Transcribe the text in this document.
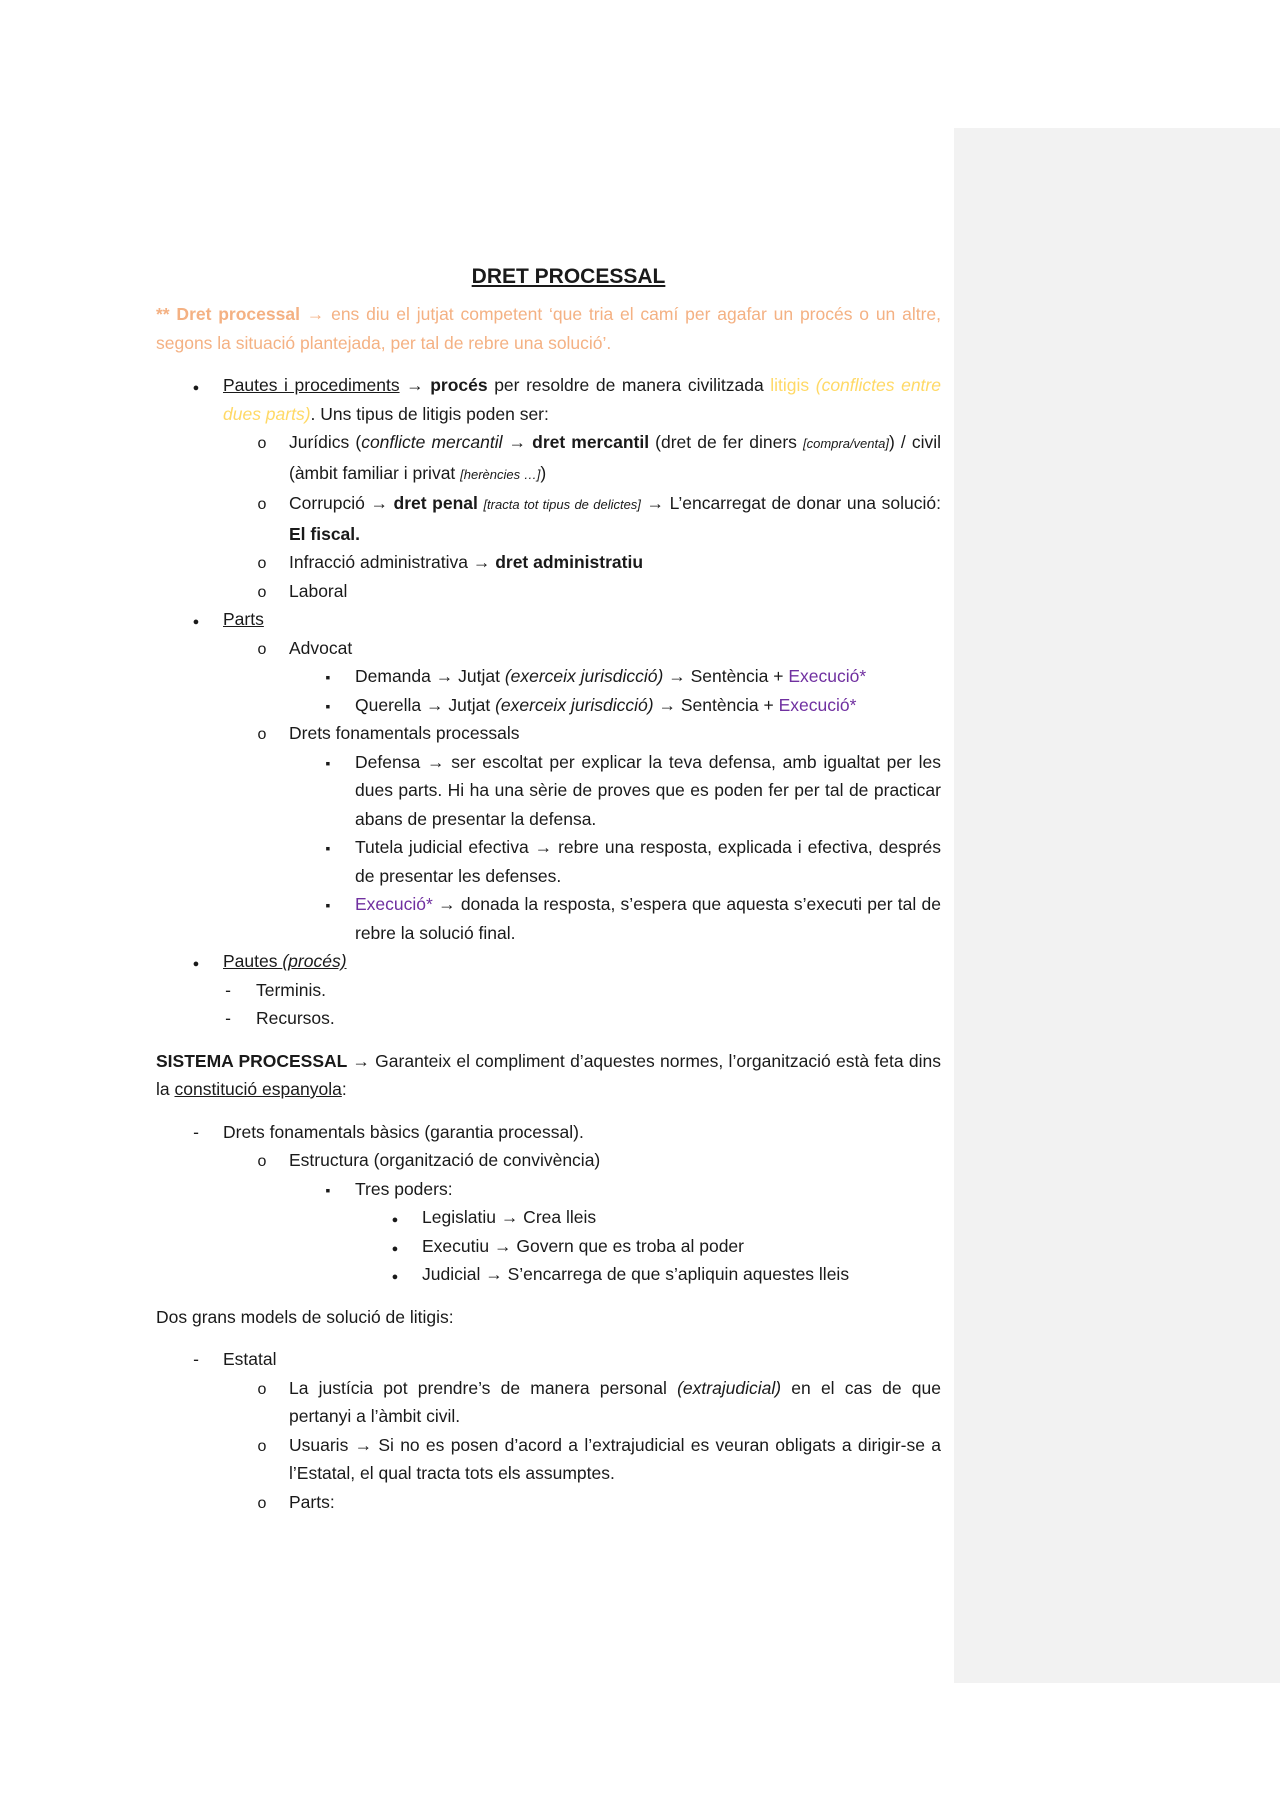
DRET PROCESSAL

** Dret processal → ens diu el jutjat competent ‘que tria el camí per agafar un procés o un altre, segons la situació plantejada, per tal de rebre una solució’.

●
Pautes i procediments → procés per resoldre de manera civilitzada litigis (conflictes entre dues parts). Uns tipus de litigis poden ser:
o
Jurídics (conflicte mercantil → dret mercantil (dret de fer diners [compra/venta]) / civil (àmbit familiar i privat [herències …])
o
Corrupció → dret penal [tracta tot tipus de delictes] → L’encarregat de donar una solució: El fiscal.
o
Infracció administrativa → dret administratiu
o
Laboral
●
Parts
o
Advocat
▪
Demanda → Jutjat (exerceix jurisdicció) → Sentència + Execució*
▪
Querella → Jutjat (exerceix jurisdicció) → Sentència + Execució*
o
Drets fonamentals processals
▪
Defensa → ser escoltat per explicar la teva defensa, amb igualtat per les dues parts. Hi ha una sèrie de proves que es poden fer per tal de practicar abans de presentar la defensa.
▪
Tutela judicial efectiva → rebre una resposta, explicada i efectiva, després de presentar les defenses.
▪
Execució* → donada la resposta, s’espera que aquesta s’executi per tal de rebre la solució final.
●
Pautes (procés)
-
Terminis.
-
Recursos.

SISTEMA PROCESSAL → Garanteix el compliment d’aquestes normes, l’organització està feta dins la constitució espanyola:

-
Drets fonamentals bàsics (garantia processal).
o
Estructura (organització de convivència)
▪
Tres poders:
●
Legislatiu → Crea lleis
●
Executiu → Govern que es troba al poder
●
Judicial → S’encarrega de que s’apliquin aquestes lleis

Dos grans models de solució de litigis:

-
Estatal
o
La justícia pot prendre’s de manera personal (extrajudicial) en el cas de que pertanyi a l’àmbit civil.
o
Usuaris → Si no es posen d’acord a l’extrajudicial es veuran obligats a dirigir-se a l’Estatal, el qual tracta tots els assumptes.
o
Parts:
